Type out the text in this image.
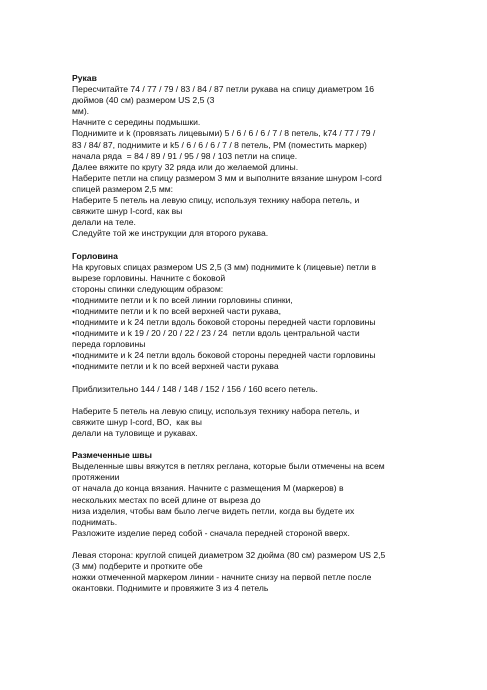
Рукав
Пересчитайте 74 / 77 / 79 / 83 / 84 / 87 петли рукава на спицу диаметром 16
дюймов (40 см) размером US 2,5 (3
мм).
Начните с середины подмышки.
Поднимите и k (провязать лицевыми) 5 / 6 / 6 / 6 / 7 / 8 петель, k74 / 77 / 79 /
83 / 84/ 87, поднимите и k5 / 6 / 6 / 6 / 7 / 8 петель, PM (поместить маркер)
начала ряда  = 84 / 89 / 91 / 95 / 98 / 103 петли на спице.
Далее вяжите по кругу 32 ряда или до желаемой длины.
Наберите петли на спицу размером 3 мм и выполните вязание шнуром I-cord
спицей размером 2,5 мм:
Наберите 5 петель на левую спицу, используя технику набора петель, и
свяжите шнур I-cord, как вы
делали на теле.
Следуйте той же инструкции для второго рукава.
Горловина
На круговых спицах размером US 2,5 (3 мм) поднимите k (лицевые) петли в
вырезе горловины. Начните с боковой
стороны спинки следующим образом:
•поднимите петли и k по всей линии горловины спинки,
•поднимите петли и k по всей верхней части рукава,
•поднимите и k 24 петли вдоль боковой стороны передней части горловины
•поднимите и k 19 / 20 / 20 / 22 / 23 / 24  петли вдоль центральной части
переда горловины
•поднимите и k 24 петли вдоль боковой стороны передней части горловины
•поднимите петли и k по всей верхней части рукава
Приблизительно 144 / 148 / 148 / 152 / 156 / 160 всего петель.
Наберите 5 петель на левую спицу, используя технику набора петель, и
свяжите шнур I-cord, BO,  как вы
делали на туловище и рукавах.
Размеченные швы
Выделенные швы вяжутся в петлях реглана, которые были отмечены на всем
протяжении
от начала до конца вязания. Начните с размещения M (маркеров) в
нескольких местах по всей длине от выреза до
низа изделия, чтобы вам было легче видеть петли, когда вы будете их
поднимать.
Разложите изделие перед собой - сначала передней стороной вверх.
Левая сторона: круглой спицей диаметром 32 дюйма (80 см) размером US 2,5
(3 мм) подберите и протките обе
ножки отмеченной маркером линии - начните снизу на первой петле после
окантовки. Поднимите и провяжите 3 из 4 петель
